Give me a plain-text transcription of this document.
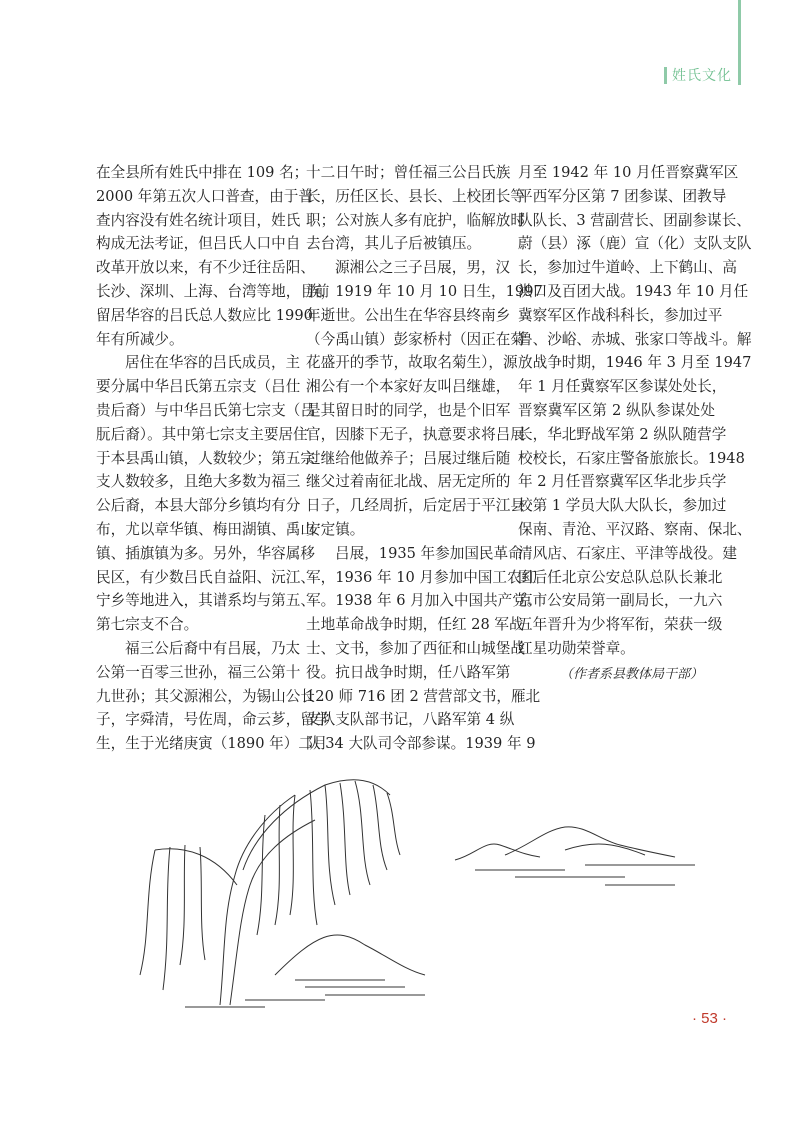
姓氏文化
在全县所有姓氏中排在 109 名；
2000 年第五次人口普查，由于普
查内容没有姓名统计项目，姓氏
构成无法考证，但吕氏人口中自
改革开放以来，有不少迁往岳阳、
长沙、深圳、上海、台湾等地，目前
留居华容的吕氏总人数应比 1990
年有所减少。
居住在华容的吕氏成员，主
要分属中华吕氏第五宗支（吕仕
贵后裔）与中华吕氏第七宗支（吕
朊后裔）。其中第七宗支主要居住
于本县禹山镇，人数较少；第五宗
支人数较多，且绝大多数为福三
公后裔，本县大部分乡镇均有分
布，尤以章华镇、梅田湖镇、禹山
镇、插旗镇为多。另外，华容属移
民区，有少数吕氏自益阳、沅江、
宁乡等地进入，其谱系均与第五、
第七宗支不合。
福三公后裔中有吕展，乃太
公第一百零三世孙，福三公第十
九世孙；其父源湘公，为锡山公长
子，字舜清，号佐周，命云芗，留学
生，生于光绪庚寅（1890 年）二月
十二日午时；曾任福三公吕氏族
长，历任区长、县长、上校团长等
职；公对族人多有庇护，临解放时
去台湾，其儿子后被镇压。
源湘公之三子吕展，男，汉
族，1919 年 10 月 10 日生，1997
年逝世。公出生在华容县终南乡
（今禹山镇）彭家桥村（因正在菊
花盛开的季节，故取名菊生），源
湘公有一个本家好友叫吕继雄，
是其留日时的同学，也是个旧军
官，因膝下无子，执意要求将吕展
过继给他做养子；吕展过继后随
继父过着南征北战、居无定所的
日子，几经周折，后定居于平江县
安定镇。
吕展，1935 年参加国民革命
军，1936 年 10 月参加中国工农红
军。1938 年 6 月加入中国共产党。
土地革命战争时期，任红 28 军战
士、文书，参加了西征和山城堡战
役。抗日战争时期，任八路军第
120 师 716 团 2 营营部文书，雁北
支队支队部书记，八路军第 4 纵
队 34 大队司令部参谋。1939 年 9
月至 1942 年 10 月任晋察冀军区
平西军分区第 7 团参谋、团教导
队队长、3 营副营长、团副参谋长、
蔚（县）涿（鹿）宣（化）支队支队
长，参加过牛道岭、上下鹤山、高
洪口及百团大战。1943 年 10 月任
冀察军区作战科科长，参加过平
鲁、沙峪、赤城、张家口等战斗。解
放战争时期，1946 年 3 月至 1947
年 1 月任冀察军区参谋处处长，
晋察冀军区第 2 纵队参谋处处
长，华北野战军第 2 纵队随营学
校校长，石家庄警备旅旅长。1948
年 2 月任晋察冀军区华北步兵学
校第 1 学员大队大队长，参加过
保南、青沧、平汉路、察南、保北、
清风店、石家庄、平津等战役。建
国后任北京公安总队总队长兼北
京市公安局第一副局长，一九六
五年晋升为少将军衔，荣获一级
红星功勋荣誉章。
（作者系县教体局干部）
· 53 ·
